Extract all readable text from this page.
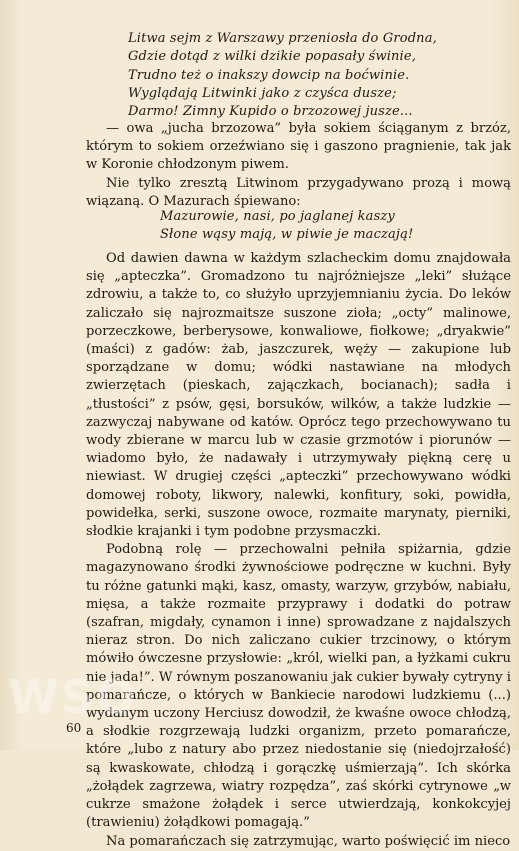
Litwa sejm z Warszawy przeniosła do Grodna,
Gdzie dotąd z wilki dzikie popasały świnie,
Trudno też o inakszy dowcip na boćwinie.
Wyglądają Litwinki jako z czyśca dusze;
Darmo! Zimny Kupido o brzozowej jusze...

— owa „jucha brzozowa” była sokiem ściąganym z brzóz, którym to sokiem orzeźwiano się i gaszono pragnienie, tak jak w Koronie chłodzonym piwem.

Nie tylko zresztą Litwinom przygadywano prozą i mową wiązaną. O Mazurach śpiewano:

Mazurowie, nasi, po jaglanej kaszy
Słone wąsy mają, w piwie je maczają!

Od dawien dawna w każdym szlacheckim domu znajdowała się „apteczka”. Gromadzono tu najróżniejsze „leki” służące zdrowiu, a także to, co służyło uprzyjemnianiu życia. Do leków zaliczało się najrozmaitsze suszone zioła; „octy” malinowe, porzeczkowe, berberysowe, konwaliowe, fiołkowe; „dryakwie” (maści) z gadów: żab, jaszczurek, węży — zakupione lub sporządzane w domu; wódki nastawiane na młodych zwierzętach (pieskach, zajączkach, bocianach); sadła i „tłustości” z psów, gęsi, borsuków, wilków, a także ludzkie — zazwyczaj nabywane od katów. Oprócz tego przechowywano tu wody zbierane w marcu lub w czasie grzmotów i piorunów — wiadomo było, że nadawały i utrzymywały piękną cerę u niewiast. W drugiej części „apteczki” przechowywano wódki domowej roboty, likwory, nalewki, konfitury, soki, powidła, powidełka, serki, suszone owoce, rozmaite marynaty, pierniki, słodkie krajanki i tym podobne przysmaczki.

Podobną rolę — przechowalni pełniła spiżarnia, gdzie magazynowano środki żywnościowe podręczne w kuchni. Były tu różne gatunki mąki, kasz, omasty, warzyw, grzybów, nabiału, mięsa, a także rozmaite przyprawy i dodatki do potraw (szafran, migdały, cynamon i inne) sprowadzane z najdalszych nieraz stron. Do nich zaliczano cukier trzcinowy, o którym mówiło ówczesne przysłowie: „król, wielki pan, a łyżkami cukru nie jada!”. W równym poszanowaniu jak cukier bywały cytryny i pomarańcze, o których w Bankiecie narodowi ludzkiemu (...) wydanym uczony Herciusz dowodził, że kwaśne owoce chłodzą, a słodkie rozgrzewają ludzki organizm, przeto pomarańcze, które „lubo z natury abo przez niedostanie się (niedojrzałość) są kwaskowate, chłodzą i gorączkę uśmierzają”. Ich skórka „żołądek zagrzewa, wiatry rozpędza”, zaś skórki cytrynowe „w cukrze smażone żołądek i serce utwierdzają, konkokcyjej (trawieniu) żołądkowi pomagają.”

Na pomarańczach się zatrzymując, warto poświęcić im nieco

WSO
60
